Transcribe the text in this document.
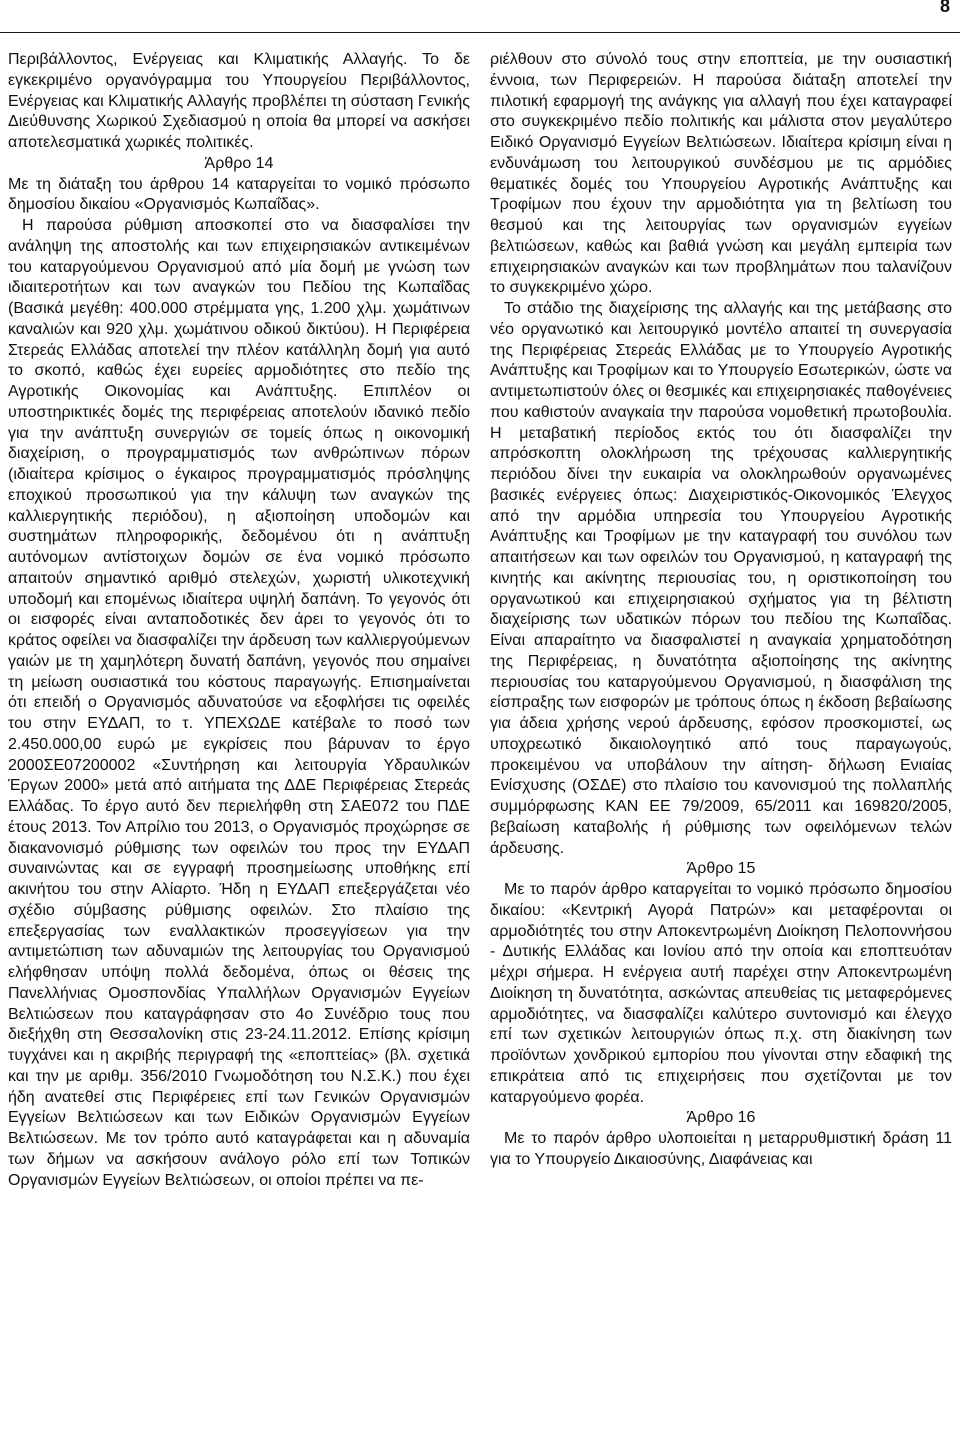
8

Περιβάλλοντος, Ενέργειας και Κλιματικής Αλλαγής. Το δε εγκεκριμένο οργανόγραμμα του Υπουργείου Περιβάλλοντος, Ενέργειας και Κλιματικής Αλλαγής προβλέπει τη σύσταση Γενικής Διεύθυνσης Χωρικού Σχεδιασμού η οποία θα μπορεί να ασκήσει αποτελεσματικά χωρικές πολιτικές.

Άρθρο 14

Με τη διάταξη του άρθρου 14 καταργείται το νομικό πρόσωπο δημοσίου δικαίου «Οργανισμός Κωπαΐδας».

Η παρούσα ρύθμιση αποσκοπεί στο να διασφαλίσει την ανάληψη της αποστολής και των επιχειρησιακών αντικειμένων του καταργούμενου Οργανισμού από μία δομή με γνώση των ιδιαιτεροτήτων και των αναγκών του Πεδίου της Κωπαΐδας (Βασικά μεγέθη: 400.000 στρέμματα γης, 1.200 χλμ. χωμάτινων καναλιών και 920 χλμ. χωμάτινου οδικού δικτύου). Η Περιφέρεια Στερεάς Ελλάδας αποτελεί την πλέον κατάλληλη δομή για αυτό το σκοπό, καθώς έχει ευρείες αρμοδιότητες στο πεδίο της Αγροτικής Οικονομίας και Ανάπτυξης. Επιπλέον οι υποστηρικτικές δομές της περιφέρειας αποτελούν ιδανικό πεδίο για την ανάπτυξη συνεργιών σε τομείς όπως η οικονομική διαχείριση, ο προγραμματισμός των ανθρώπινων πόρων (ιδιαίτερα κρίσιμος ο έγκαιρος προγραμματισμός πρόσληψης εποχικού προσωπικού για την κάλυψη των αναγκών της καλλιεργητικής περιόδου), η αξιοποίηση υποδομών και συστημάτων πληροφορικής, δεδομένου ότι η ανάπτυξη αυτόνομων αντίστοιχων δομών σε ένα νομικό πρόσωπο απαιτούν σημαντικό αριθμό στελεχών, χωριστή υλικοτεχνική υποδομή και επομένως ιδιαίτερα υψηλή δαπάνη. Το γεγονός ότι οι εισφορές είναι ανταποδοτικές δεν άρει το γεγονός ότι το κράτος οφείλει να διασφαλίζει την άρδευση των καλλιεργούμενων γαιών με τη χαμηλότερη δυνατή δαπάνη, γεγονός που σημαίνει τη μείωση ουσιαστικά του κόστους παραγωγής. Επισημαίνεται ότι επειδή ο Οργανισμός αδυνατούσε να εξοφλήσει τις οφειλές του στην ΕΥΔΑΠ, το τ. ΥΠΕΧΩΔΕ κατέβαλε το ποσό των 2.450.000,00 ευρώ με εγκρίσεις που βάρυναν το έργο 2000ΣΕ07200002 «Συντήρηση και λειτουργία Υδραυλικών Έργων 2000» μετά από αιτήματα της ΔΔΕ Περιφέρειας Στερεάς Ελλάδας. Το έργο αυτό δεν περιελήφθη στη ΣΑΕ072 του ΠΔΕ έτους 2013. Τον Απρίλιο του 2013, ο Οργανισμός προχώρησε σε διακανονισμό ρύθμισης των οφειλών του προς την ΕΥΔΑΠ συναινώντας και σε εγγραφή προσημείωσης υποθήκης επί ακινήτου του στην Αλίαρτο. Ήδη η ΕΥΔΑΠ επεξεργάζεται νέο σχέδιο σύμβασης ρύθμισης οφειλών. Στο πλαίσιο της επεξεργασίας των εναλλακτικών προσεγγίσεων για την αντιμετώπιση των αδυναμιών της λειτουργίας του Οργανισμού ελήφθησαν υπόψη πολλά δεδομένα, όπως οι θέσεις της Πανελλήνιας Ομοσπονδίας Υπαλλήλων Οργανισμών Εγγείων Βελτιώσεων που καταγράφησαν στο 4ο Συνέδριο τους που διεξήχθη στη Θεσσαλονίκη στις 23-24.11.2012. Επίσης κρίσιμη τυγχάνει και η ακριβής περιγραφή της «εποπτείας» (βλ. σχετικά και την με αριθμ. 356/2010 Γνωμοδότηση του Ν.Σ.Κ.) που έχει ήδη ανατεθεί στις Περιφέρειες επί των Γενικών Οργανισμών Εγγείων Βελτιώσεων και των Ειδικών Οργανισμών Εγγείων Βελτιώσεων. Με τον τρόπο αυτό καταγράφεται και η αδυναμία των δήμων να ασκήσουν ανάλογο ρόλο επί των Τοπικών Οργανισμών Εγγείων Βελτιώσεων, οι οποίοι πρέπει να πε-

ριέλθουν στο σύνολό τους στην εποπτεία, με την ουσιαστική έννοια, των Περιφερειών. Η παρούσα διάταξη αποτελεί την πιλοτική εφαρμογή της ανάγκης για αλλαγή που έχει καταγραφεί στο συγκεκριμένο πεδίο πολιτικής και μάλιστα στον μεγαλύτερο Ειδικό Οργανισμό Εγγείων Βελτιώσεων. Ιδιαίτερα κρίσιμη είναι η ενδυνάμωση του λειτουργικού συνδέσμου με τις αρμόδιες θεματικές δομές του Υπουργείου Αγροτικής Ανάπτυξης και Τροφίμων που έχουν την αρμοδιότητα για τη βελτίωση του θεσμού και της λειτουργίας των οργανισμών εγγείων βελτιώσεων, καθώς και βαθιά γνώση και μεγάλη εμπειρία των επιχειρησιακών αναγκών και των προβλημάτων που ταλανίζουν το συγκεκριμένο χώρο.

Το στάδιο της διαχείρισης της αλλαγής και της μετάβασης στο νέο οργανωτικό και λειτουργικό μοντέλο απαιτεί τη συνεργασία της Περιφέρειας Στερεάς Ελλάδας με το Υπουργείο Αγροτικής Ανάπτυξης και Τροφίμων και το Υπουργείο Εσωτερικών, ώστε να αντιμετωπιστούν όλες οι θεσμικές και επιχειρησιακές παθογένειες που καθιστούν αναγκαία την παρούσα νομοθετική πρωτοβουλία. Η μεταβατική περίοδος εκτός του ότι διασφαλίζει την απρόσκοπτη ολοκλήρωση της τρέχουσας καλλιεργητικής περιόδου δίνει την ευκαιρία να ολοκληρωθούν οργανωμένες βασικές ενέργειες όπως: Διαχειριστικός-Οικονομικός Έλεγχος από την αρμόδια υπηρεσία του Υπουργείου Αγροτικής Ανάπτυξης και Τροφίμων με την καταγραφή του συνόλου των απαιτήσεων και των οφειλών του Οργανισμού, η καταγραφή της κινητής και ακίνητης περιουσίας του, η οριστικοποίηση του οργανωτικού και επιχειρησιακού σχήματος για τη βέλτιστη διαχείρισης των υδατικών πόρων του πεδίου της Κωπαΐδας. Είναι απαραίτητο να διασφαλιστεί η αναγκαία χρηματοδότηση της Περιφέρειας, η δυνατότητα αξιοποίησης της ακίνητης περιουσίας του καταργούμενου Οργανισμού, η διασφάλιση της είσπραξης των εισφορών με τρόπους όπως η έκδοση βεβαίωσης για άδεια χρήσης νερού άρδευσης, εφόσον προσκομιστεί, ως υποχρεωτικό δικαιολογητικό από τους παραγωγούς, προκειμένου να υποβάλουν την αίτηση- δήλωση Ενιαίας Ενίσχυσης (ΟΣΔΕ) στο πλαίσιο του κανονισμού της πολλαπλής συμμόρφωσης ΚΑΝ ΕΕ 79/2009, 65/2011 και 169820/2005, βεβαίωση καταβολής ή ρύθμισης των οφειλόμενων τελών άρδευσης.

Άρθρο 15

Με το παρόν άρθρο καταργείται το νομικό πρόσωπο δημοσίου δικαίου: «Κεντρική Αγορά Πατρών» και μεταφέρονται οι αρμοδιότητές του στην Αποκεντρωμένη Διοίκηση Πελοποννήσου - Δυτικής Ελλάδας και Ιονίου από την οποία και εποπτευόταν μέχρι σήμερα. Η ενέργεια αυτή παρέχει στην Αποκεντρωμένη Διοίκηση τη δυνατότητα, ασκώντας απευθείας τις μεταφερόμενες αρμοδιότητες, να διασφαλίζει καλύτερο συντονισμό και έλεγχο επί των σχετικών λειτουργιών όπως π.χ. στη διακίνηση των προϊόντων χονδρικού εμπορίου που γίνονται στην εδαφική της επικράτεια από τις επιχειρήσεις που σχετίζονται με τον καταργούμενο φορέα.

Άρθρο 16

Με το παρόν άρθρο υλοποιείται η μεταρρυθμιστική δράση 11 για το Υπουργείο Δικαιοσύνης, Διαφάνειας και
